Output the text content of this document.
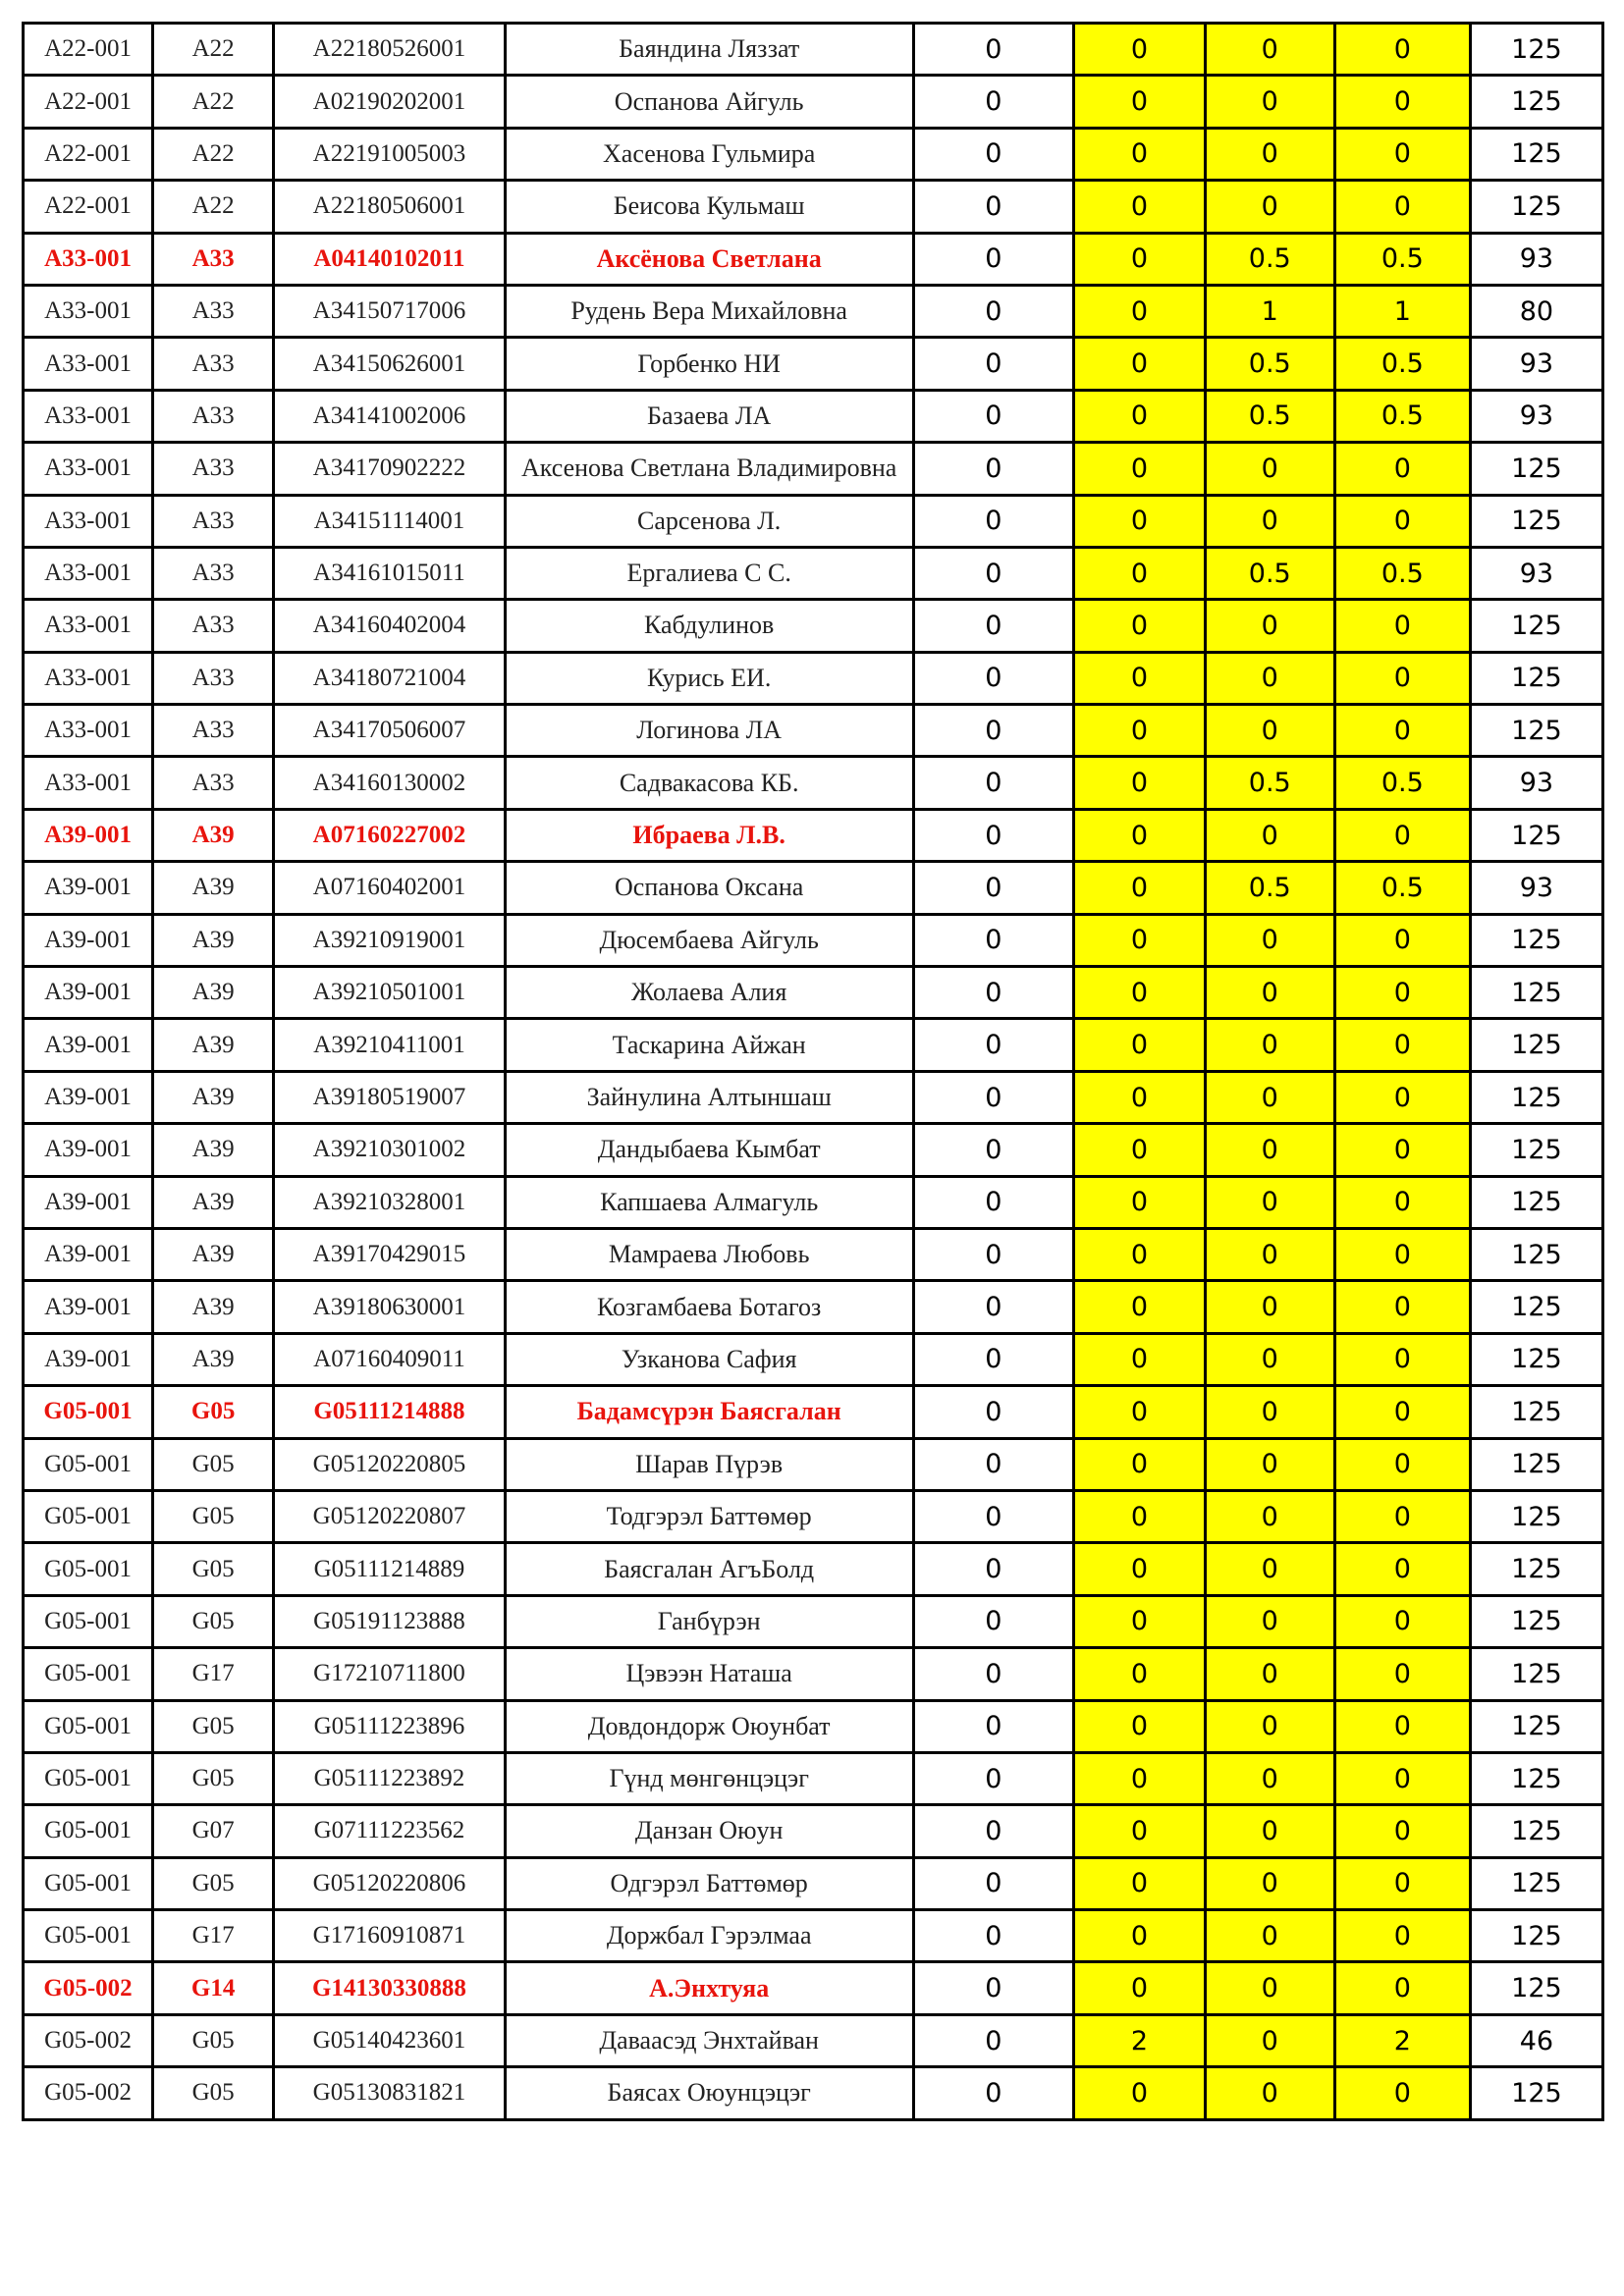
A22-001	A22	A22180526001	Баяндина Ляззат	0	0	0	0	125
A22-001	A22	A02190202001	Оспанова Айгуль	0	0	0	0	125
A22-001	A22	A22191005003	Хасенова Гульмира	0	0	0	0	125
A22-001	A22	A22180506001	Беисова Кульмаш	0	0	0	0	125
A33-001	A33	A04140102011	Аксёнова Светлана	0	0	0.5	0.5	93
A33-001	A33	A34150717006	Рудень Вера Михайловна	0	0	1	1	80
A33-001	A33	A34150626001	Горбенко НИ	0	0	0.5	0.5	93
A33-001	A33	A34141002006	Базаева ЛА	0	0	0.5	0.5	93
A33-001	A33	A34170902222	Аксенова Светлана Владимировна	0	0	0	0	125
A33-001	A33	A34151114001	Сарсенова Л.	0	0	0	0	125
A33-001	A33	A34161015011	Ергалиева С С.	0	0	0.5	0.5	93
A33-001	A33	A34160402004	Кабдулинов	0	0	0	0	125
A33-001	A33	A34180721004	Курись ЕИ.	0	0	0	0	125
A33-001	A33	A34170506007	Логинова ЛА	0	0	0	0	125
A33-001	A33	A34160130002	Садвакасова КБ.	0	0	0.5	0.5	93
A39-001	A39	A07160227002	Ибраева Л.В.	0	0	0	0	125
A39-001	A39	A07160402001	Оспанова Оксана	0	0	0.5	0.5	93
A39-001	A39	A39210919001	Дюсембаева Айгуль	0	0	0	0	125
A39-001	A39	A39210501001	Жолаева Алия	0	0	0	0	125
A39-001	A39	A39210411001	Таскарина Айжан	0	0	0	0	125
A39-001	A39	A39180519007	Зайнулина Алтыншаш	0	0	0	0	125
A39-001	A39	A39210301002	Дандыбаева Кымбат	0	0	0	0	125
A39-001	A39	A39210328001	Капшаева Алмагуль	0	0	0	0	125
A39-001	A39	A39170429015	Мамраева Любовь	0	0	0	0	125
A39-001	A39	A39180630001	Козгамбаева Ботагоз	0	0	0	0	125
A39-001	A39	A07160409011	Узканова Сафия	0	0	0	0	125
G05-001	G05	G05111214888	Бадамсүрэн Баясгалан	0	0	0	0	125
G05-001	G05	G05120220805	Шарав Пүрэв	0	0	0	0	125
G05-001	G05	G05120220807	Тодгэрэл Баттөмөр	0	0	0	0	125
G05-001	G05	G05111214889	Баясгалан АгъБолд	0	0	0	0	125
G05-001	G05	G05191123888	Ганбүрэн	0	0	0	0	125
G05-001	G17	G17210711800	Цэвээн Наташа	0	0	0	0	125
G05-001	G05	G05111223896	Довдондорж Оюунбат	0	0	0	0	125
G05-001	G05	G05111223892	Гүнд мөнгөнцэцэг	0	0	0	0	125
G05-001	G07	G07111223562	Данзан Оюун	0	0	0	0	125
G05-001	G05	G05120220806	Одгэрэл Баттөмөр	0	0	0	0	125
G05-001	G17	G17160910871	Доржбал Гэрэлмаа	0	0	0	0	125
G05-002	G14	G14130330888	А.Энхтуяа	0	0	0	0	125
G05-002	G05	G05140423601	Даваасэд Энхтайван	0	2	0	2	46
G05-002	G05	G05130831821	Баясах Оюунцэцэг	0	0	0	0	125
